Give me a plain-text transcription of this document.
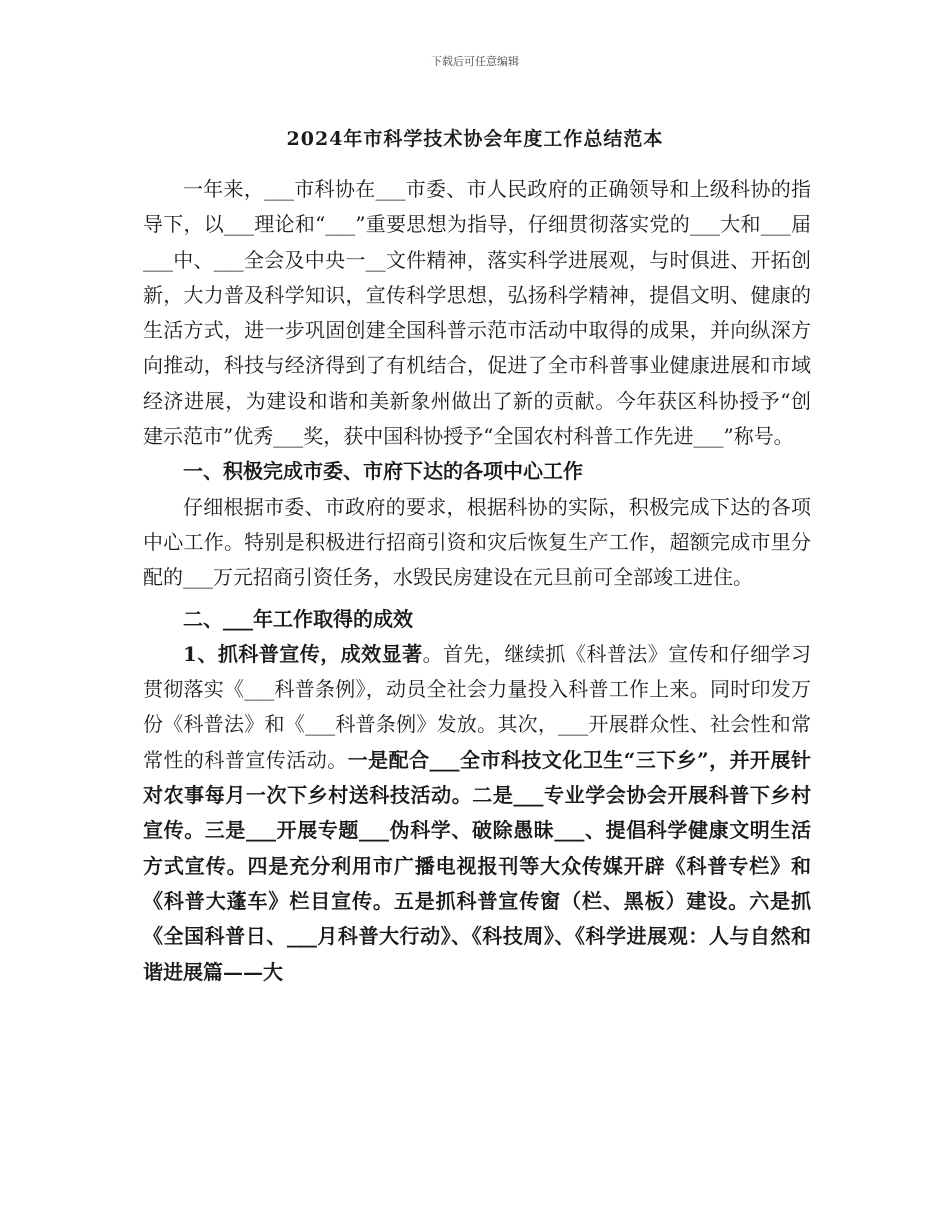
下载后可任意编辑
2024年市科学技术协会年度工作总结范本

一年来，___市科协在___市委、市人民政府的正确领导和上级科协的指导下，以___理论和“___”重要思想为指导，仔细贯彻落实党的___大和___届___中、___全会及中央一__文件精神，落实科学进展观，与时俱进、开拓创新，大力普及科学知识，宣传科学思想，弘扬科学精神，提倡文明、健康的生活方式，进一步巩固创建全国科普示范市活动中取得的成果，并向纵深方向推动，科技与经济得到了有机结合，促进了全市科普事业健康进展和市域经济进展，为建设和谐和美新象州做出了新的贡献。今年获区科协授予“创建示范市”优秀___奖，获中国科协授予“全国农村科普工作先进___”称号。

一、积极完成市委、市府下达的各项中心工作

仔细根据市委、市政府的要求，根据科协的实际，积极完成下达的各项中心工作。特别是积极进行招商引资和灾后恢复生产工作，超额完成市里分配的___万元招商引资任务，水毁民房建设在元旦前可全部竣工进住。

二、___年工作取得的成效

1、抓科普宣传，成效显著。首先，继续抓《科普法》宣传和仔细学习贯彻落实《___科普条例》，动员全社会力量投入科普工作上来。同时印发万份《科普法》和《___科普条例》发放。其次，___开展群众性、社会性和常常性的科普宣传活动。一是配合___全市科技文化卫生“三下乡”，并开展针对农事每月一次下乡村送科技活动。二是___专业学会协会开展科普下乡村宣传。三是___开展专题___伪科学、破除愚昧___、提倡科学健康文明生活方式宣传。四是充分利用市广播电视报刊等大众传媒开辟《科普专栏》和《科普大蓬车》栏目宣传。五是抓科普宣传窗（栏、黑板）建设。六是抓《全国科普日、___月科普大行动》、《科技周》、《科学进展观：人与自然和谐进展篇——大
